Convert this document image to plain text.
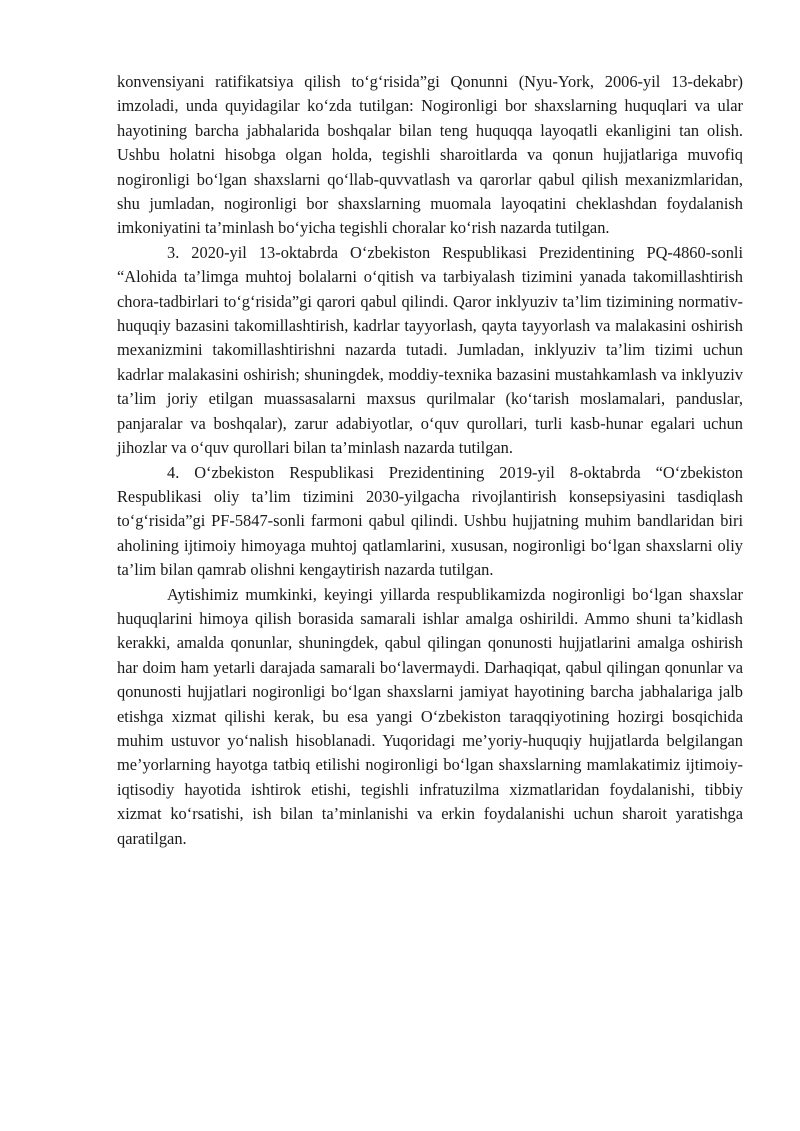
konvensiyani ratifikatsiya qilish to‘g‘risida”gi Qonunni (Nyu-York, 2006-yil 13-dekabr) imzoladi, unda quyidagilar ko‘zda tutilgan: Nogironligi bor shaxslarning huquqlari va ular hayotining barcha jabhalarida boshqalar bilan teng huquqqa layoqatli ekanligini tan olish. Ushbu holatni hisobga olgan holda, tegishli sharoitlarda va qonun hujjatlariga muvofiq nogironligi bo‘lgan shaxslarni qo‘llab-quvvatlash va qarorlar qabul qilish mexanizmlaridan, shu jumladan, nogironligi bor shaxslarning muomala layoqatini cheklashdan foydalanish imkoniyatini ta’minlash bo‘yicha tegishli choralar ko‘rish nazarda tutilgan.

3. 2020-yil 13-oktabrda O‘zbekiston Respublikasi Prezidentining PQ-4860-sonli “Alohida ta’limga muhtoj bolalarni o‘qitish va tarbiyalash tizimini yanada takomillashtirish chora-tadbirlari to‘g‘risida”gi qarori qabul qilindi. Qaror inklyuziv ta’lim tizimining normativ-huquqiy bazasini takomillashtirish, kadrlar tayyorlash, qayta tayyorlash va malakasini oshirish mexanizmini takomillashtirishni nazarda tutadi. Jumladan, inklyuziv ta’lim tizimi uchun kadrlar malakasini oshirish; shuningdek, moddiy-texnika bazasini mustahkamlash va inklyuziv ta’lim joriy etilgan muassasalarni maxsus qurilmalar (ko‘tarish moslamalari, panduslar, panjaralar va boshqalar), zarur adabiyotlar, o‘quv qurollari, turli kasb-hunar egalari uchun jihozlar va o‘quv qurollari bilan ta’minlash nazarda tutilgan.

4. O‘zbekiston Respublikasi Prezidentining 2019-yil 8-oktabrda “O‘zbekiston Respublikasi oliy ta’lim tizimini 2030-yilgacha rivojlantirish konsepsiyasini tasdiqlash to‘g‘risida”gi PF-5847-sonli farmoni qabul qilindi. Ushbu hujjatning muhim bandlaridan biri aholining ijtimoiy himoyaga muhtoj qatlamlarini, xususan, nogironligi bo‘lgan shaxslarni oliy ta’lim bilan qamrab olishni kengaytirish nazarda tutilgan.

Aytishimiz mumkinki, keyingi yillarda respublikamizda nogironligi bo‘lgan shaxslar huquqlarini himoya qilish borasida samarali ishlar amalga oshirildi. Ammo shuni ta’kidlash kerakki, amalda qonunlar, shuningdek, qabul qilingan qonunosti hujjatlarini amalga oshirish har doim ham yetarli darajada samarali bo‘lavermaydi. Darhaqiqat, qabul qilingan qonunlar va qonunosti hujjatlari nogironligi bo‘lgan shaxslarni jamiyat hayotining barcha jabhalariga jalb etishga xizmat qilishi kerak, bu esa yangi O‘zbekiston taraqqiyotining hozirgi bosqichida muhim ustuvor yo‘nalish hisoblanadi. Yuqoridagi me’yoriy-huquqiy hujjatlarda belgilangan me’yorlarning hayotga tatbiq etilishi nogironligi bo‘lgan shaxslarning mamlakatimiz ijtimoiy-iqtisodiy hayotida ishtirok etishi, tegishli infratuzilma xizmatlaridan foydalanishi, tibbiy xizmat ko‘rsatishi, ish bilan ta’minlanishi va erkin foydalanishi uchun sharoit yaratishga qaratilgan.
